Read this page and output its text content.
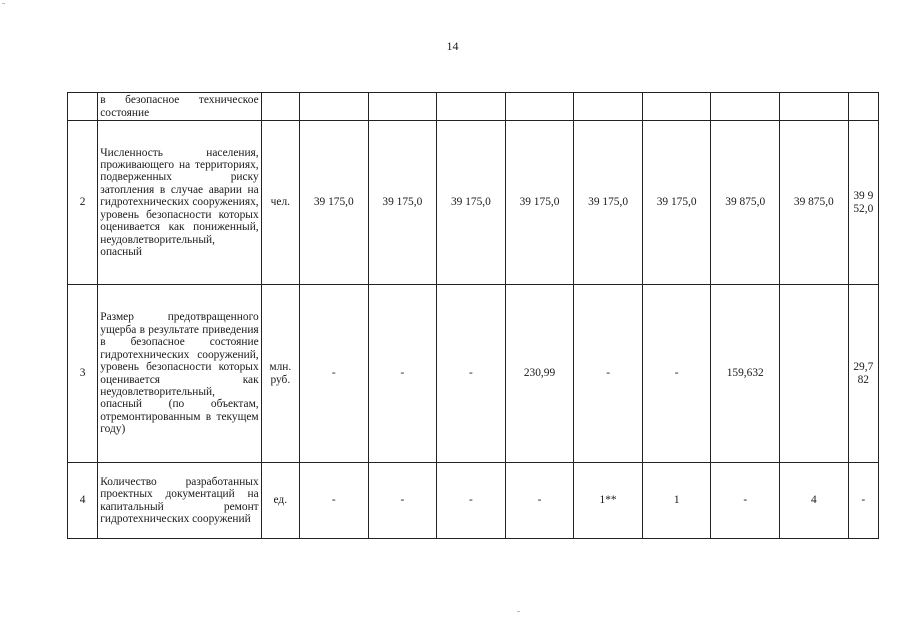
14
	в безопасное техническое состояние										
2	Численность населения, проживающего на территориях, подверженных риску затопления в случае аварии на гидротехнических сооружениях, уровень безопасности которых оценивается как пониженный, неудовлетворительный, опасный	чел.	39 175,0	39 175,0	39 175,0	39 175,0	39 175,0	39 175,0	39 875,0	39 875,0	39 952,0
3	Размер предотвращенного ущерба в результате приведения в безопасное состояние гидротехнических сооружений, уровень безопасности которых оценивается как неудовлетворительный, опасный (по объектам, отремонтированным в текущем году)	млн. руб.	-	-	-	230,99	-	-	159,632		29,782
4	Количество разработанных проектных документаций на капитальный ремонт гидротехнических сооружений	ед.	-	-	-	-	1**	1	-	4	-
